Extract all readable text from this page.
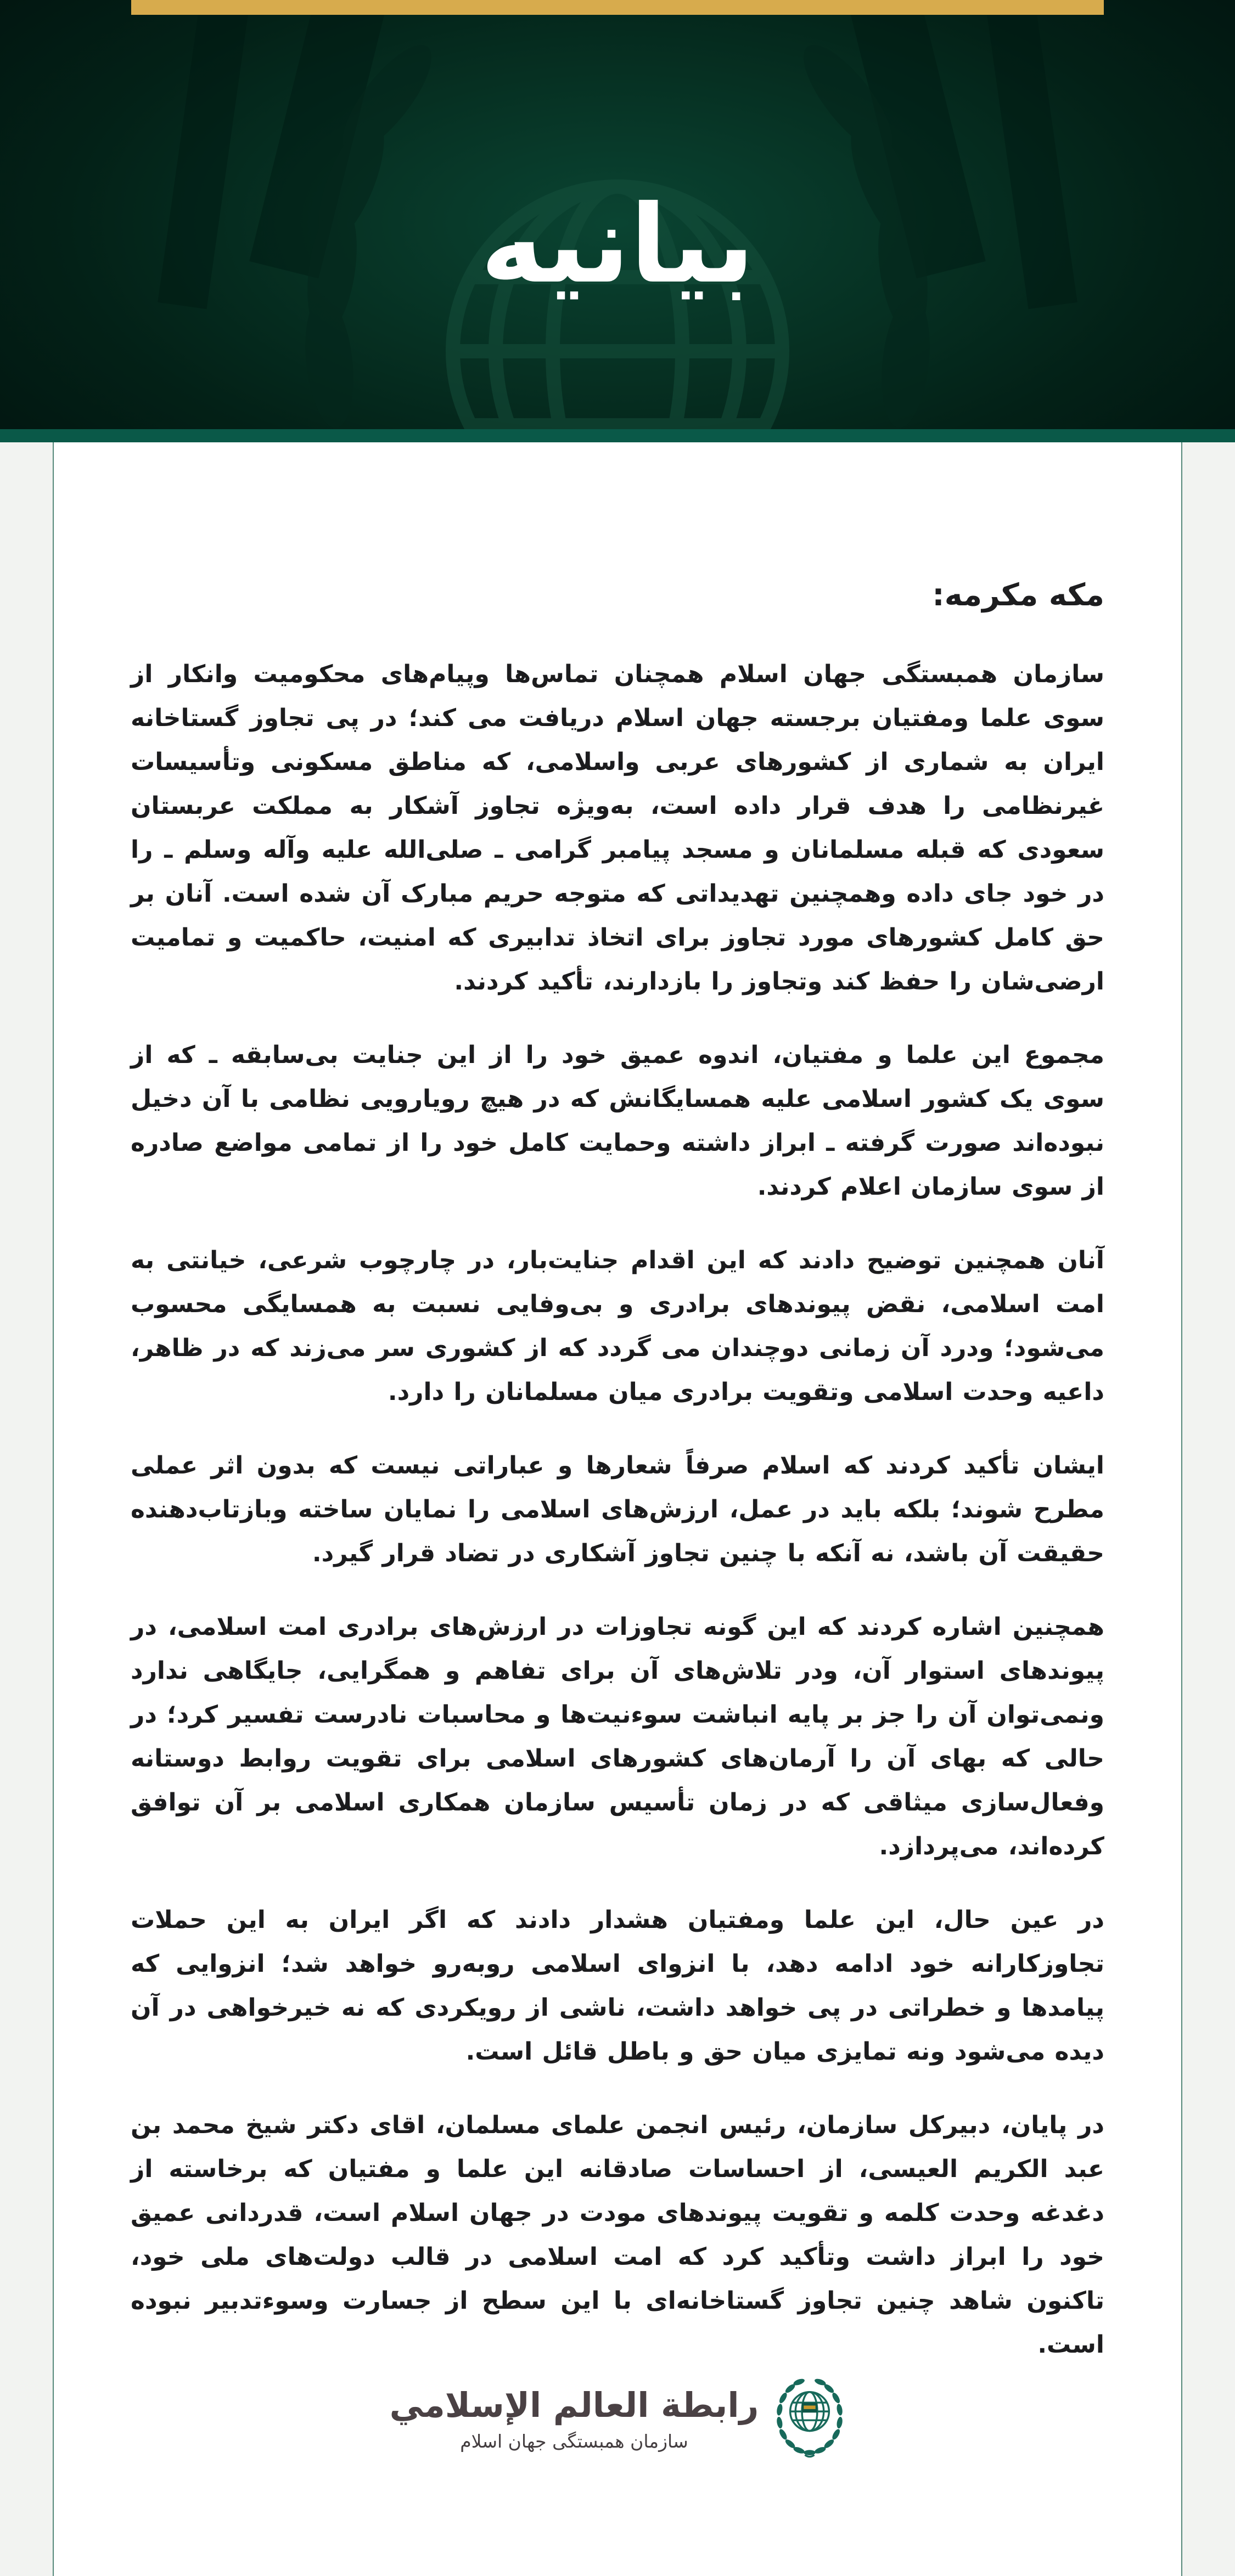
بیانیه
مکه مکرمه:

سازمان همبستگی جهان اسلام همچنان تماس‌ها وپیام‌های محکومیت وانکار از سوی علما ومفتیان برجسته جهان اسلام دریافت می کند؛ در پی تجاوز گستاخانه ایران به شماری از کشورهای عربی واسلامی، که مناطق مسکونی وتأسیسات غیرنظامی را هدف قرار داده است، به‌ویژه تجاوز آشکار به مملکت عربستان سعودی که قبله مسلمانان و مسجد پیامبر گرامی ـ صلی‌الله علیه وآله وسلم ـ را در خود جای داده وهمچنین تهدیداتی که متوجه حریم مبارک آن شده است. آنان بر حق کامل کشورهای مورد تجاوز برای اتخاذ تدابیری که امنیت، حاکمیت و تمامیت ارضی‌شان را حفظ کند وتجاوز را بازدارند، تأکید کردند.

مجموع این علما و مفتیان، اندوه عمیق خود را از این جنایت بی‌سابقه ـ که از سوی یک کشور اسلامی علیه همسایگانش که در هیچ رویارویی نظامی با آن دخیل نبوده‌اند صورت گرفته ـ ابراز داشته وحمایت کامل خود را از تمامی مواضع صادره از سوی سازمان اعلام کردند.

آنان همچنین توضیح دادند که این اقدام جنایت‌بار، در چارچوب شرعی، خیانتی به امت اسلامی، نقض پیوندهای برادری و بی‌وفایی نسبت به همسایگی محسوب می‌شود؛ ودرد آن زمانی دوچندان می گردد که از کشوری سر می‌زند که در ظاهر، داعیه وحدت اسلامی وتقویت برادری میان مسلمانان را دارد.

ایشان تأکید کردند که اسلام صرفاً شعارها و عباراتی نیست که بدون اثر عملی مطرح شوند؛ بلکه باید در عمل، ارزش‌های اسلامی را نمایان ساخته وبازتاب‌دهنده حقیقت آن باشد، نه آنکه با چنین تجاوز آشکاری در تضاد قرار گیرد.

همچنین اشاره کردند که این گونه تجاوزات در ارزش‌های برادری امت اسلامی، در پیوندهای استوار آن، ودر تلاش‌های آن برای تفاهم و همگرایی، جایگاهی ندارد ونمی‌توان آن را جز بر پایه انباشت سوءنیت‌ها و محاسبات نادرست تفسیر کرد؛ در حالی که بهای آن را آرمان‌های کشورهای اسلامی برای تقویت روابط دوستانه وفعال‌سازی میثاقی که در زمان تأسیس سازمان همکاری اسلامی بر آن توافق کرده‌اند، می‌پردازد.

در عین حال، این علما ومفتیان هشدار دادند که اگر ایران به این حملات تجاوزکارانه خود ادامه دهد، با انزوای اسلامی روبه‌رو خواهد شد؛ انزوایی که پیامدها و خطراتی در پی خواهد داشت، ناشی از رویکردی که نه خیرخواهی در آن دیده می‌شود ونه تمایزی میان حق و باطل قائل است.

در پایان، دبیرکل سازمان، رئیس انجمن علمای مسلمان، اقای دکتر شیخ محمد بن عبد الکریم العیسی، از احساسات صادقانه این علما و مفتیان که برخاسته از دغدغه وحدت کلمه و تقویت پیوندهای مودت در جهان اسلام است، قدردانی عمیق خود را ابراز داشت وتأکید کرد که امت اسلامی در قالب دولت‌های ملی خود، تاکنون شاهد چنین تجاوز گستاخانه‌ای با این سطح از جسارت وسوءتدبیر نبوده است.

رابطة العالم الإسلامي
سازمان همبستگی جهان اسلام
